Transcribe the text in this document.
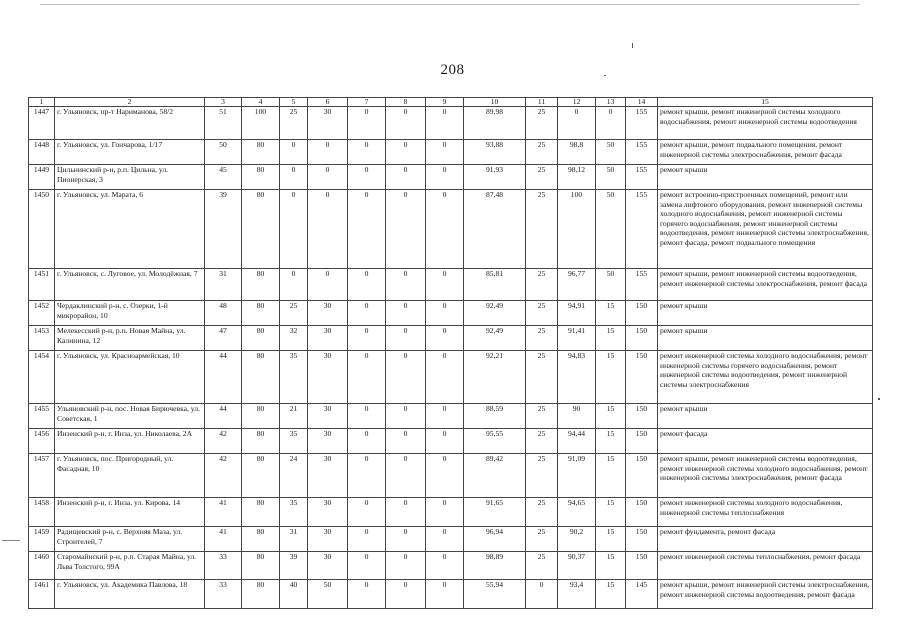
208
1	2	3	4	5	6	7	8	9	10	11	12	13	14	15
1447	г. Ульяновск, пр-т Нариманова, 58/2	51	100	25	30	0	0	0	89,98	25	0	0	155	ремонт крыши, ремонт инженерной системы холодного водоснабжения, ремонт инженерной системы водоотведения
1448	г. Ульяновск, ул. Гончарова, 1/17	50	80	0	0	0	0	0	93,88	25	98,8	50	155	ремонт крыши, ремонт подвального помещения, ремонт инженерной системы электроснабжения, ремонт фасада
1449	Цильнинский р-н, р.п. Цильна, ул. Пионерская, 3	45	80	0	0	0	0	0	91,93	25	98,12	50	155	ремонт крыши
1450	г. Ульяновск, ул. Марата, 6	39	80	0	0	0	0	0	87,48	25	100	50	155	ремонт встроенно-пристроенных помещений, ремонт или замена лифтового оборудования, ремонт инженерной системы холодного водоснабжения, ремонт инженерной системы горячего водоснабжения, ремонт инженерной системы водоотведения, ремонт инженерной системы электроснабжения, ремонт фасада, ремонт подвального помещения
1451	г. Ульяновск, с. Луговое, ул. Молодёжная, 7	31	80	0	0	0	0	0	85,81	25	96,77	50	155	ремонт крыши, ремонт инженерной системы водоотведения, ремонт инженерной системы электроснабжения, ремонт фасада
1452	Чердаклинский р-н, с. Озерки, 1-й микрорайон, 10	48	80	25	30	0	0	0	92,49	25	94,91	15	150	ремонт крыши
1453	Мелекесский р-н, р.п. Новая Майна, ул. Калинина, 12	47	80	32	30	0	0	0	92,49	25	91,41	15	150	ремонт крыши
1454	г. Ульяновск, ул. Красноармейская, 10	44	80	35	30	0	0	0	92,21	25	94,83	15	150	ремонт инженерной системы холодного водоснабжения, ремонт инженерной системы горячего водоснабжения, ремонт инженерной системы водоотведения, ремонт инженерной системы электроснабжения
1455	Ульяновский р-н, пос. Новая Бирючевка, ул. Советская, 1	44	80	21	30	0	0	0	88,59	25	90	15	150	ремонт крыши
1456	Инзенский р-н, г. Инза, ул. Николаева, 2А	42	80	35	30	0	0	0	95,55	25	94,44	15	150	ремонт фасада
1457	г. Ульяновск, пос. Пригородный, ул. Фасадная, 10	42	80	24	30	0	0	0	89,42	25	91,09	15	150	ремонт крыши, ремонт инженерной системы водоотведения, ремонт инженерной системы холодного водоснабжения, ремонт инженерной системы электроснабжения, ремонт фасада
1458	Инзенский р-н, г. Инза, ул. Кирова, 14	41	80	35	30	0	0	0	91,65	25	94,65	15	150	ремонт инженерной системы холодного водоснабжения, инженерной системы теплоснабжения
1459	Радищевский р-н, с. Верхняя Маза, ул. Строителей, 7	41	80	31	30	0	0	0	96,94	25	90,2	15	150	ремонт фундамента, ремонт фасада
1460	Старомайнский р-н, р.п. Старая Майна, ул. Льва Толстого, 99А	33	80	39	30	0	0	0	98,89	25	90,37	15	150	ремонт инженерной системы теплоснабжения, ремонт фасада
1461	г. Ульяновск, ул. Академика Павлова, 18	33	80	40	50	0	0	0	55,94	0	93,4	15	145	ремонт крыши, ремонт инженерной системы электроснабжения, ремонт инженерной системы водоотведения, ремонт фасада
